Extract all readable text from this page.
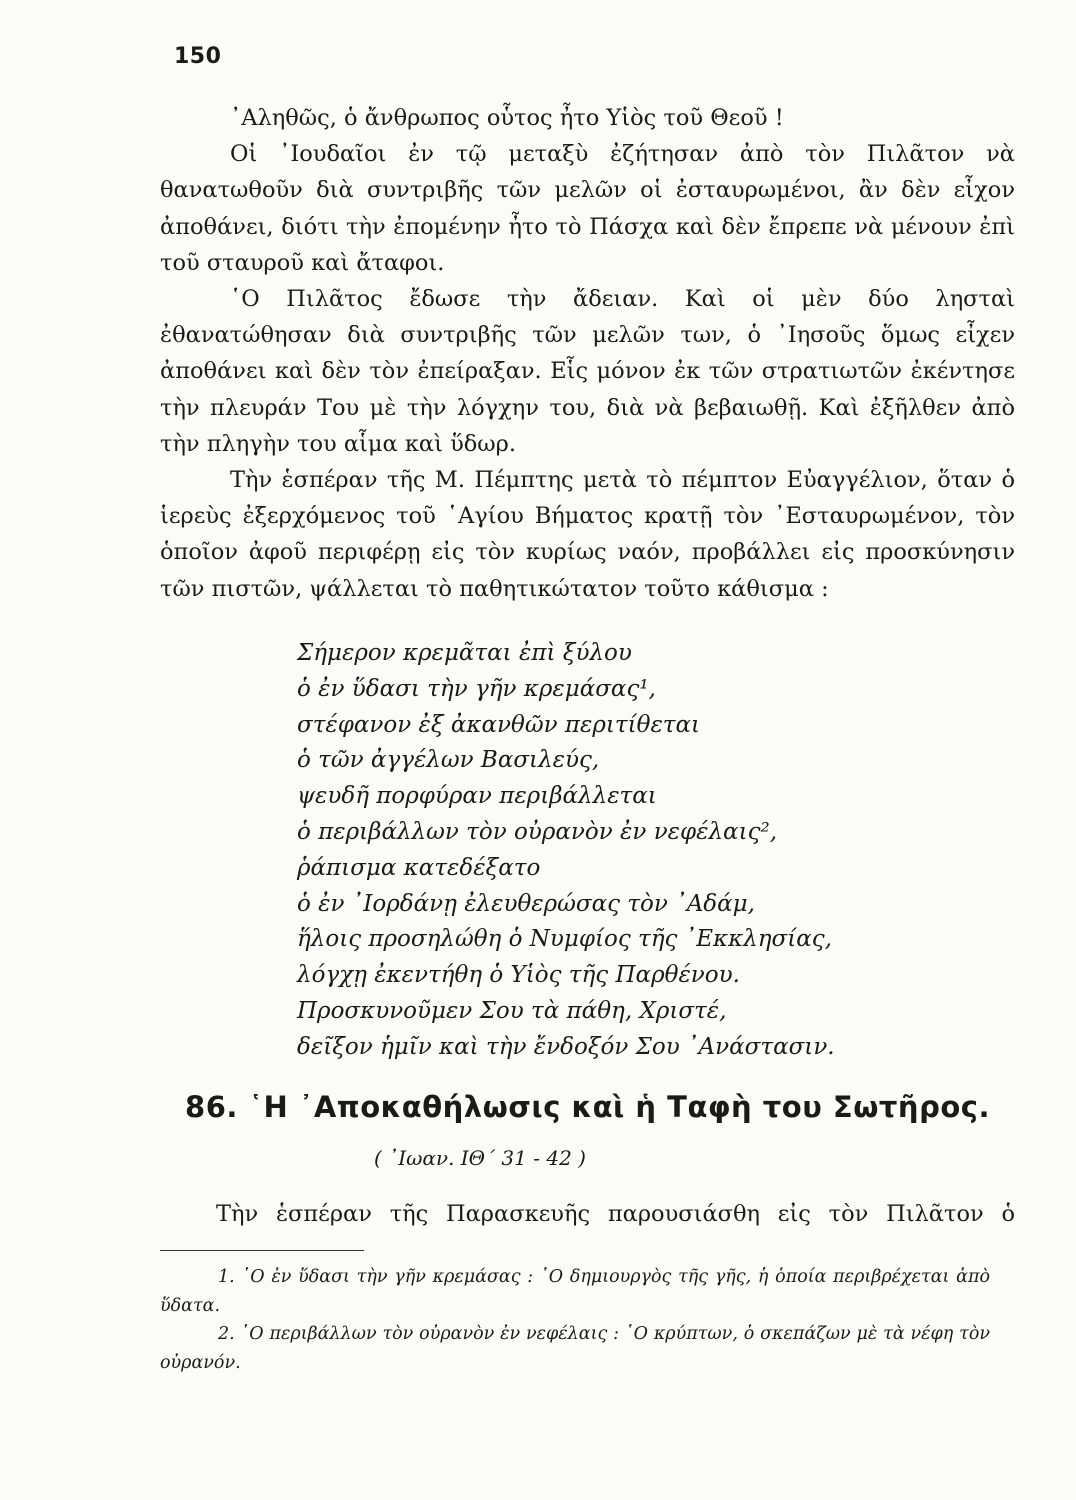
150

᾿Αληθῶς, ὁ ἄνθρωπος οὗτος ἦτο Υἱὸς τοῦ Θεοῦ !

Οἱ ᾿Ιουδαῖοι ἐν τῷ μεταξὺ ἐζήτησαν ἀπὸ τὸν Πιλᾶτον νὰ θανατωθοῦν διὰ συντριβῆς τῶν μελῶν οἱ ἐσταυρωμένοι, ἂν δὲν εἶχον ἀποθάνει, διότι τὴν ἐπομένην ἦτο τὸ Πάσχα καὶ δὲν ἔπρεπε νὰ μένουν ἐπὶ τοῦ σταυροῦ καὶ ἄταφοι.

῾Ο Πιλᾶτος ἔδωσε τὴν ἄδειαν. Καὶ οἱ μὲν δύο λησταὶ ἐθανατώθησαν διὰ συντριβῆς τῶν μελῶν των, ὁ ᾿Ιησοῦς ὅμως εἶχεν ἀποθάνει καὶ δὲν τὸν ἐπείραξαν. Εἷς μόνον ἐκ τῶν στρατιωτῶν ἐκέντησε τὴν πλευράν Του μὲ τὴν λόγχην του, διὰ νὰ βεβαιωθῇ. Καὶ ἐξῆλθεν ἀπὸ τὴν πληγὴν του αἷμα καὶ ὕδωρ.

Τὴν ἑσπέραν τῆς Μ. Πέμπτης μετὰ τὸ πέμπτον Εὐαγγέλιον, ὅταν ὁ ἱερεὺς ἐξερχόμενος τοῦ ῾Αγίου Βήματος κρατῇ τὸν ᾿Εσταυρωμένον, τὸν ὁποῖον ἀφοῦ περιφέρῃ εἰς τὸν κυρίως ναόν, προβάλλει εἰς προσκύνησιν τῶν πιστῶν, ψάλλεται τὸ παθητικώτατον τοῦτο κάθισμα :

Σήμερον κρεμᾶται ἐπὶ ξύλου
ὁ ἐν ὕδασι τὴν γῆν κρεμάσας¹,
στέφανον ἐξ ἀκανθῶν περιτίθεται
ὁ τῶν ἀγγέλων Βασιλεύς,
ψευδῆ πορφύραν περιβάλλεται
ὁ περιβάλλων τὸν οὐρανὸν ἐν νεφέλαις²,
ῥάπισμα κατεδέξατο
ὁ ἐν ᾿Ιορδάνῃ ἐλευθερώσας τὸν ᾿Αδάμ,
ἥλοις προσηλώθη ὁ Νυμφίος τῆς ᾿Εκκλησίας,
λόγχῃ ἐκεντήθη ὁ Υἱὸς τῆς Παρθένου.
Προσκυνοῦμεν Σου τὰ πάθη, Χριστέ,
δεῖξον ἡμῖν καὶ τὴν ἔνδοξόν Σου ᾿Ανάστασιν.
86. ῾Η ᾿Αποκαθήλωσις καὶ ἡ Ταφὴ του Σωτῆρος.
( ᾿Ιωαν. ΙΘ´ 31 - 42 )
Τὴν ἑσπέραν τῆς Παρασκευῆς παρουσιάσθη εἰς τὸν Πιλᾶτον ὁ

1. ῾Ο ἐν ὕδασι τὴν γῆν κρεμάσας : ῾Ο δημιουργὸς τῆς γῆς, ἡ ὁποία περιβρέχεται ἀπὸ ὕδατα.

2. ῾Ο περιβάλλων τὸν οὐρανὸν ἐν νεφέλαις : ῾Ο κρύπτων, ὁ σκεπάζων μὲ τὰ νέφη τὸν οὐρανόν.
